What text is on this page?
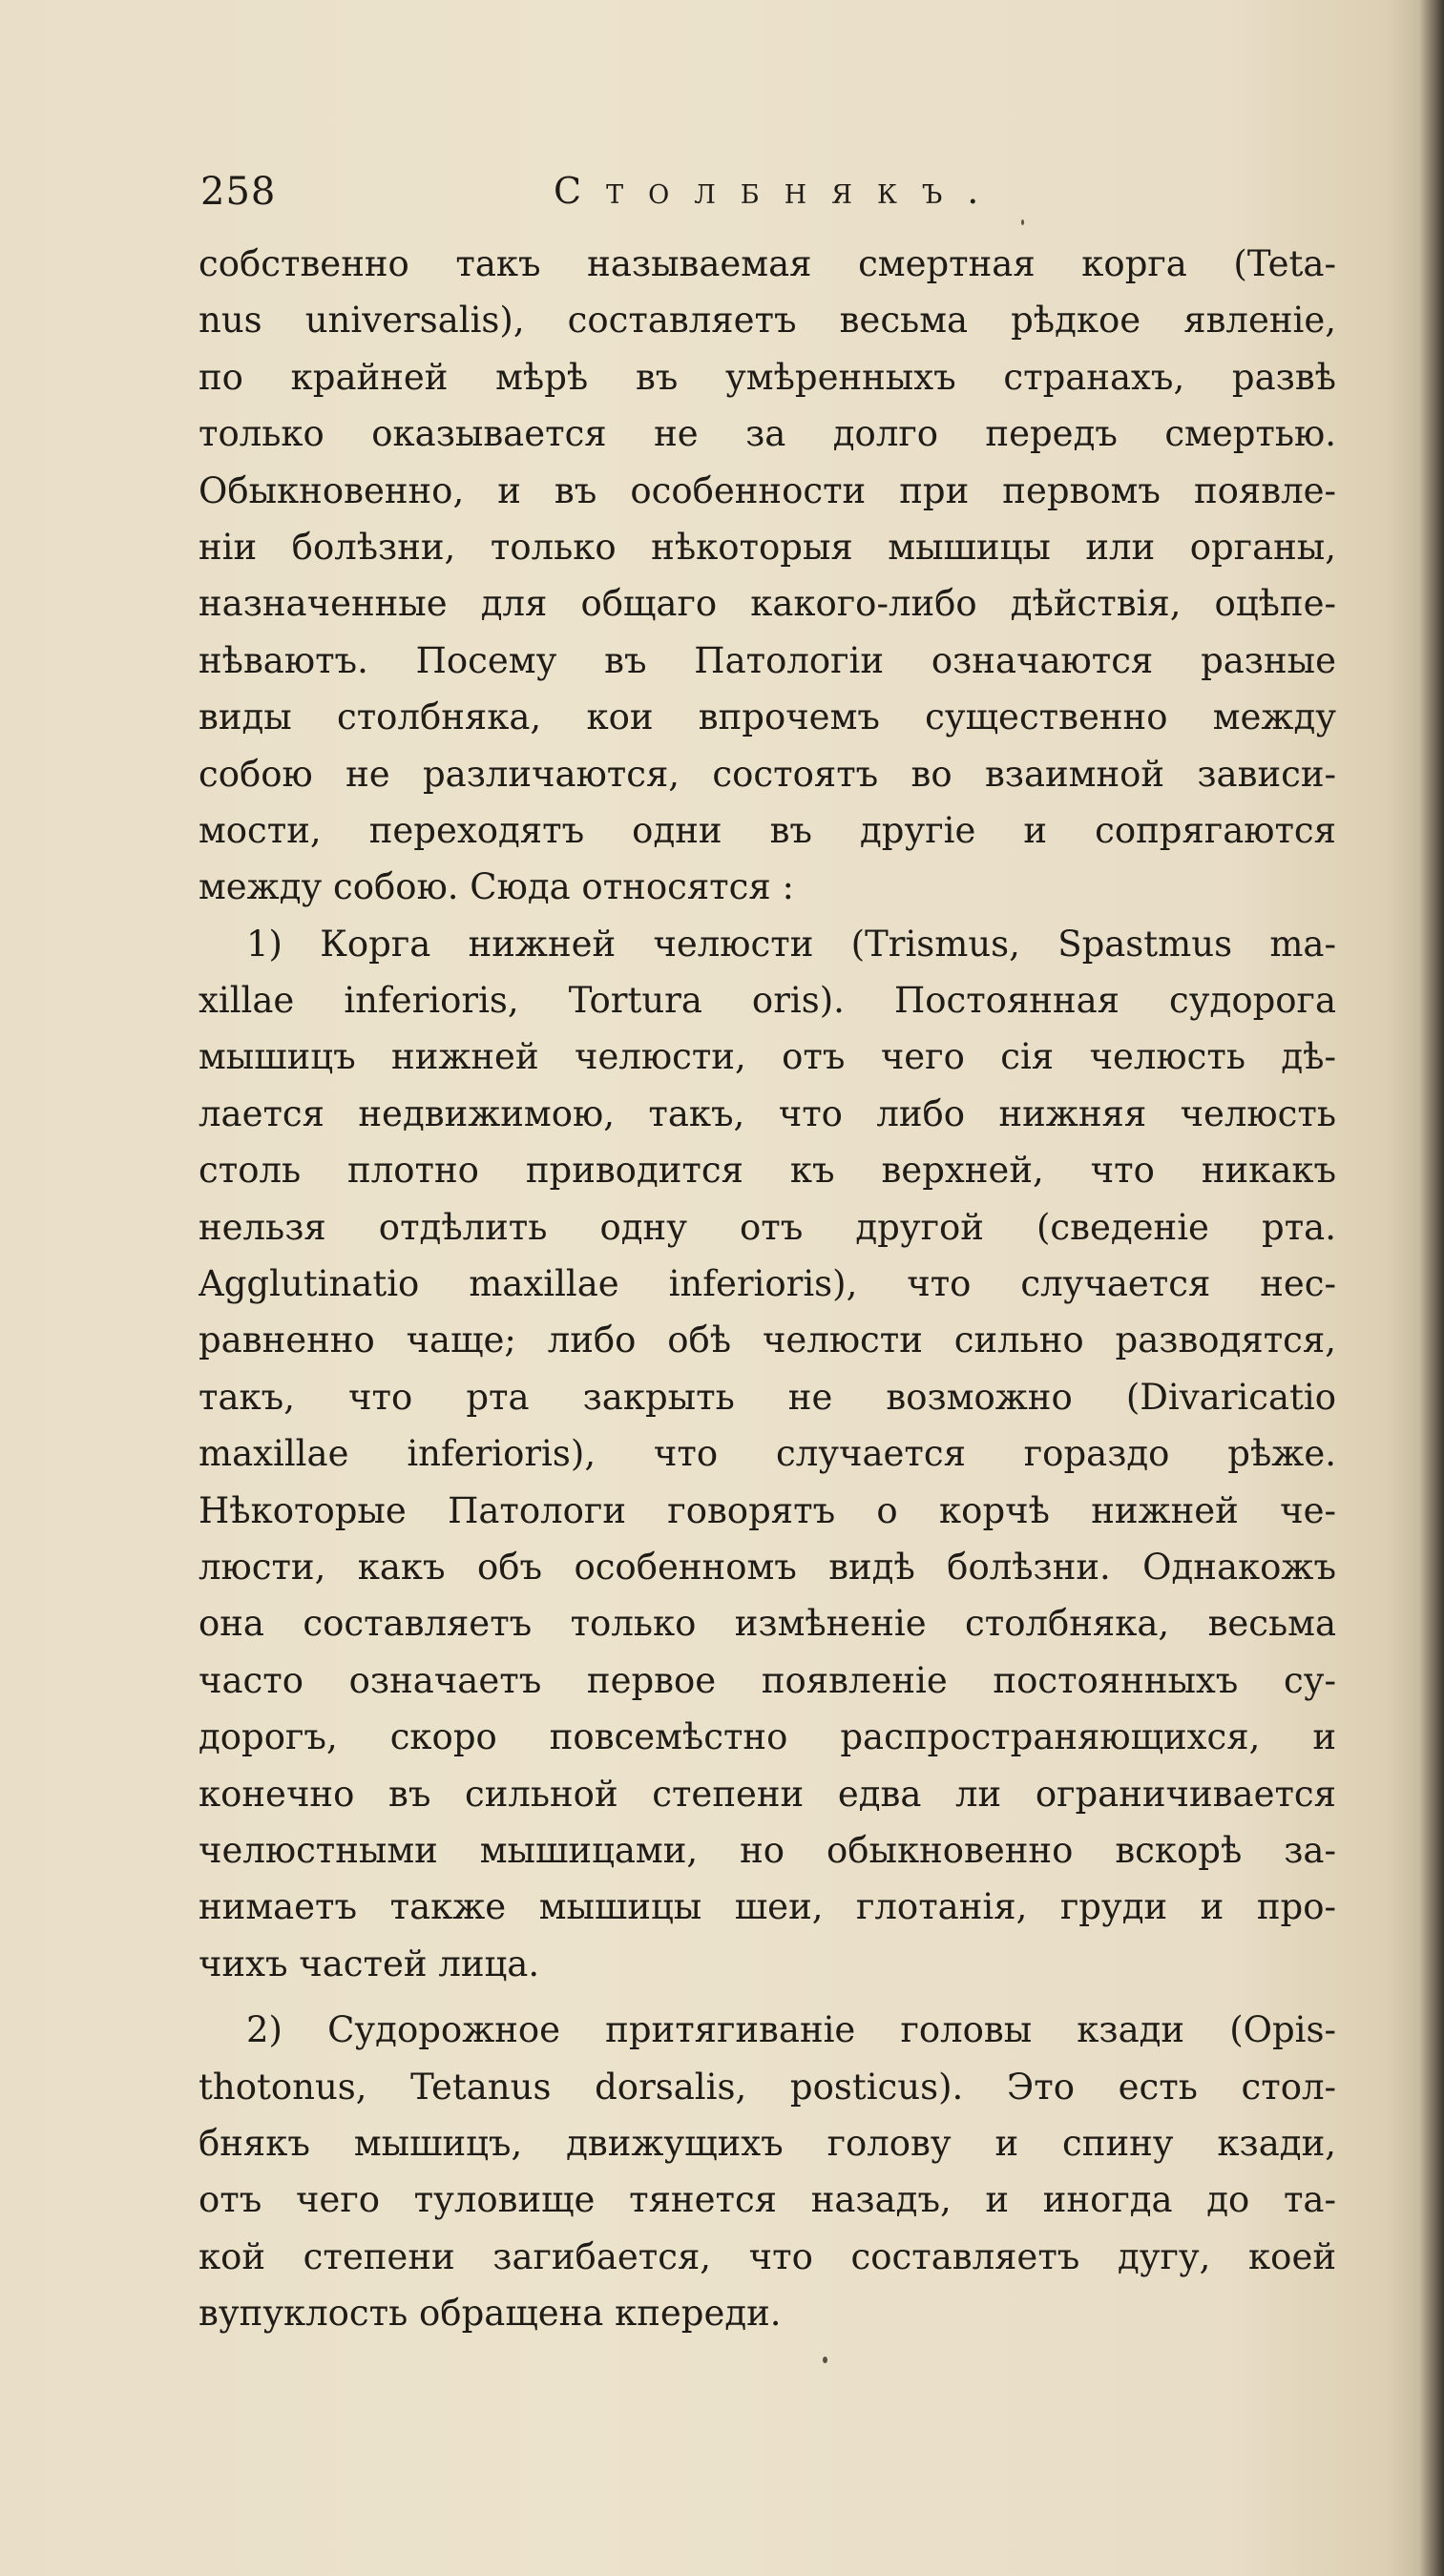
258	Столбнякъ.
собственно такъ называемая смертная корга (Teta-
nus universalis), составляетъ весьма рѣдкое явленіе,
по крайней мѣрѣ въ умѣренныхъ странахъ, развѣ
только оказывается не за долго передъ смертью.
Обыкновенно, и въ особенности при первомъ появле-
ніи болѣзни, только нѣкоторыя мышицы или органы,
назначенные для общаго какого-либо дѣйствія, оцѣпе-
нѣваютъ. Посему въ Патологіи означаются разные
виды столбняка, кои впрочемъ существенно между
собою не различаются, состоятъ во взаимной зависи-
мости, переходятъ одни въ другіе и сопрягаются
между собою. Сюда относятся :
1) Корга нижней челюсти (Trismus, Spastmus ma-
xillae inferioris, Tortura oris). Постоянная судорога
мышицъ нижней челюсти, отъ чего сія челюсть дѣ-
лается недвижимою, такъ, что либо нижняя челюсть
столь плотно приводится къ верхней, что никакъ
нельзя отдѣлить одну отъ другой (сведеніе рта.
Agglutinatio maxillae inferioris), что случается нес-
равненно чаще; либо обѣ челюсти сильно разводятся,
такъ, что рта закрыть не возможно (Divaricatio
maxillae inferioris), что случается гораздо рѣже.
Нѣкоторые Патологи говорятъ о корчѣ нижней че-
люсти, какъ объ особенномъ видѣ болѣзни. Однакожъ
она составляетъ только измѣненіе столбняка, весьма
часто означаетъ первое появленіе постоянныхъ су-
дорогъ, скоро повсемѣстно распространяющихся, и
конечно въ сильной степени едва ли ограничивается
челюстными мышицами, но обыкновенно вскорѣ за-
нимаетъ также мышицы шеи, глотанія, груди и про-
чихъ частей лица.
2) Судорожное притягиваніе головы кзади (Opis-
thotonus, Tetanus dorsalis, posticus). Это есть стол-
бнякъ мышицъ, движущихъ голову и спину кзади,
отъ чего туловище тянется назадъ, и иногда до та-
кой степени загибается, что составляетъ дугу, коей
вупуклость обращена кпереди.
